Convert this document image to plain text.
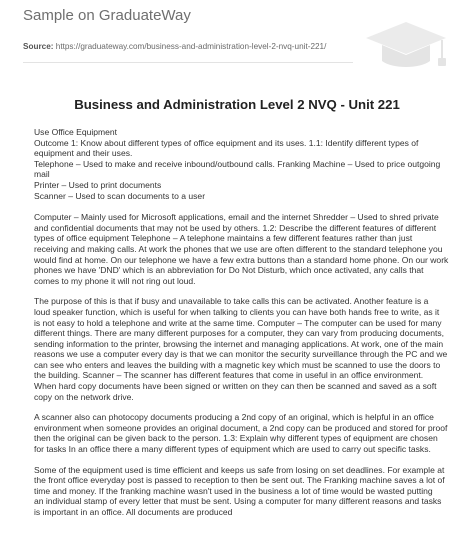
Sample on GraduateWay
Source: https://graduateway.com/business-and-administration-level-2-nvq-unit-221/
Business and Administration Level 2 NVQ - Unit 221

Use Office Equipment
Outcome 1: Know about different types of office equipment and its uses. 1.1: Identify different types of
equipment and their uses.
Telephone – Used to make and receive inbound/outbound calls. Franking Machine – Used to price outgoing
mail
Printer – Used to print documents
Scanner – Used to scan documents to a user

Computer – Mainly used for Microsoft applications, email and the internet Shredder – Used to shred private
and confidential documents that may not be used by others. 1.2: Describe the different features of different
types of office equipment Telephone – A telephone maintains a few different features rather than just
receiving and making calls. At work the phones that we use are often different to the standard telephone you
would find at home. On our telephone we have a few extra buttons than a standard home phone. On our work
phones we have 'DND' which is an abbreviation for Do Not Disturb, which once activated, any calls that
comes to my phone it will not ring out loud.

The purpose of this is that if busy and unavailable to take calls this can be activated. Another feature is a
loud speaker function, which is useful for when talking to clients you can have both hands free to write, as it
is not easy to hold a telephone and write at the same time. Computer – The computer can be used for many
different things. There are many different purposes for a computer, they can vary from producing documents,
sending information to the printer, browsing the internet and managing applications. At work, one of the main
reasons we use a computer every day is that we can monitor the security surveillance through the PC and we
can see who enters and leaves the building with a magnetic key which must be scanned to use the doors to
the building. Scanner – The scanner has different features that come in useful in an office environment.
When hard copy documents have been signed or written on they can then be scanned and saved as a soft
copy on the network drive.

A scanner also can photocopy documents producing a 2nd copy of an original, which is helpful in an office
environment when someone provides an original document, a 2nd copy can be produced and stored for proof
then the original can be given back to the person. 1.3: Explain why different types of equipment are chosen
for tasks In an office there a many different types of equipment which are used to carry out specific tasks.

Some of the equipment used is time efficient and keeps us safe from losing on set deadlines. For example at
the front office everyday post is passed to reception to then be sent out. The Franking machine saves a lot of
time and money. If the franking machine wasn't used in the business a lot of time would be wasted putting
an individual stamp of every letter that must be sent. Using a computer for many different reasons and tasks
is important in an office. All documents are produced
